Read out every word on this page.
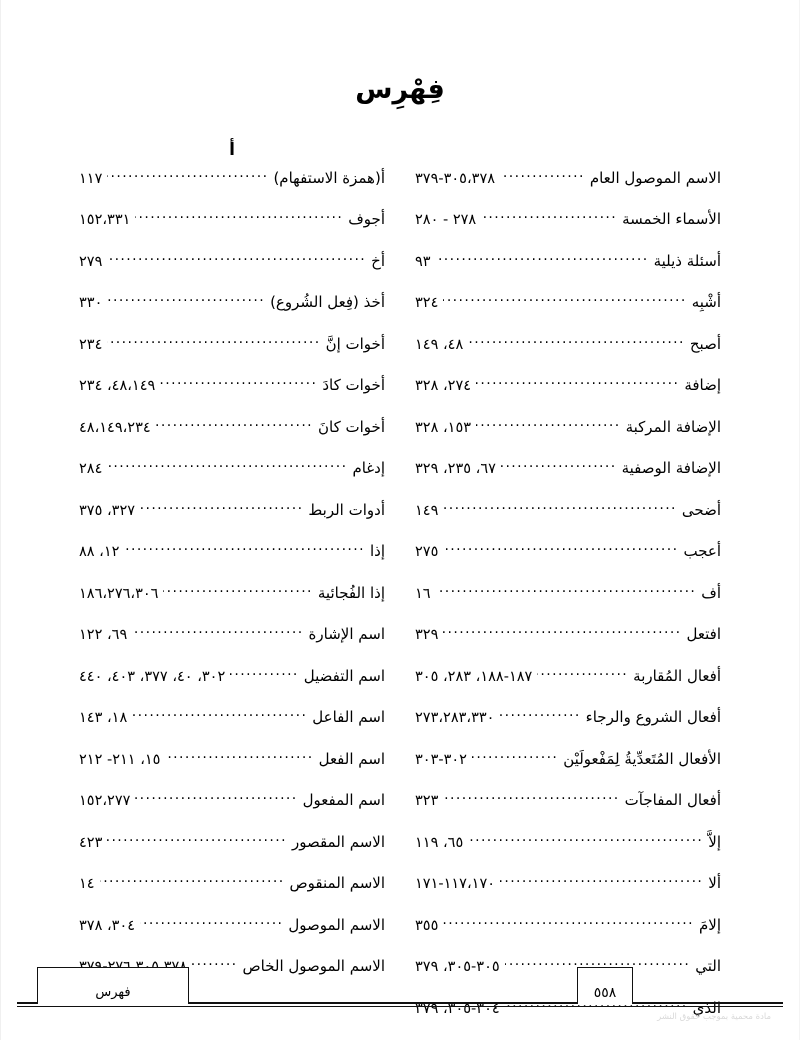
فِهْرِس
أ
أ(همزة الاستفهام)
.....
١١٧
أجوف
.....
١٥٢،٣٣١
أخ
.....
٢٧٩
أخذ (فِعل الشُروع)
.....
٣٣٠
أخوات إنَّ
.....
٢٣٤
أخوات كادَ
.....
٤٨،١٤٩، ٢٣٤
أخوات كانَ
.....
٤٨،١٤٩،٢٣٤
إدغام
.....
٢٨٤
أدوات الربط
.....
٣٢٧، ٣٧٥
إذا
.....
١٢، ٨٨
إذا الفُجائية
.....
١٨٦،٢٧٦،٣٠٦
اسم الإشارة
.....
٦٩، ١٢٢
اسم التفضيل
.....
٣٠٢، ٤٠، ٣٧٧، ٤٠٣، ٤٤٠
اسم الفاعل
.....
١٨، ١٤٣
اسم الفعل
.....
١٥، ٢١١- ٢١٢
اسم المفعول
.....
١٥٢،٢٧٧
الاسم المقصور
.....
٤٢٣
الاسم المنقوص
.....
١٤
الاسم الموصول
.....
٣٠٤، ٣٧٨
الاسم الموصول الخاص
.....
الاسم الموصول العام
.....
٣٠٥،٣٧٨-٣٧٩
الأسماء الخمسة
.....
٢٧٨ - ٢٨٠
أسئلة ذيلية
.....
٩٣
أشْبِه
.....
٣٢٤
أصبح
.....
٤٨، ١٤٩
إضافة
.....
٢٧٤، ٣٢٨
الإضافة المركبة
.....
١٥٣، ٣٢٨
الإضافة الوصفية
.....
٦٧، ٢٣٥، ٣٢٩
أضحى
.....
١٤٩
أعجب
.....
٢٧٥
أف
.....
١٦
افتعل
.....
٣٢٩
أفعال المُقاربة
.....
١٨٧-١٨٨، ٢٨٣، ٣٠٥
أفعال الشروع والرجاء
.....
٢٧٣،٢٨٣،٣٣٠
الأفعال المُتَعدِّيةُ لِمَفْعولَيْن
.....
٣٠٢-٣٠٣
أفعال المفاجآت
.....
٣٢٣
إلاَّ
.....
٦٥، ١١٩
ألا
.....
١١٧،١٧٠-١٧١
إلامَ
.....
٣٥٥
التي
.....
٣٠٥-٣٠٥، ٣٧٩
الذي
.....
٣٠٤-٣٠٥، ٣٧٩
فهرس	٥٥٨
مادة محمية بموجب حقوق النشر
